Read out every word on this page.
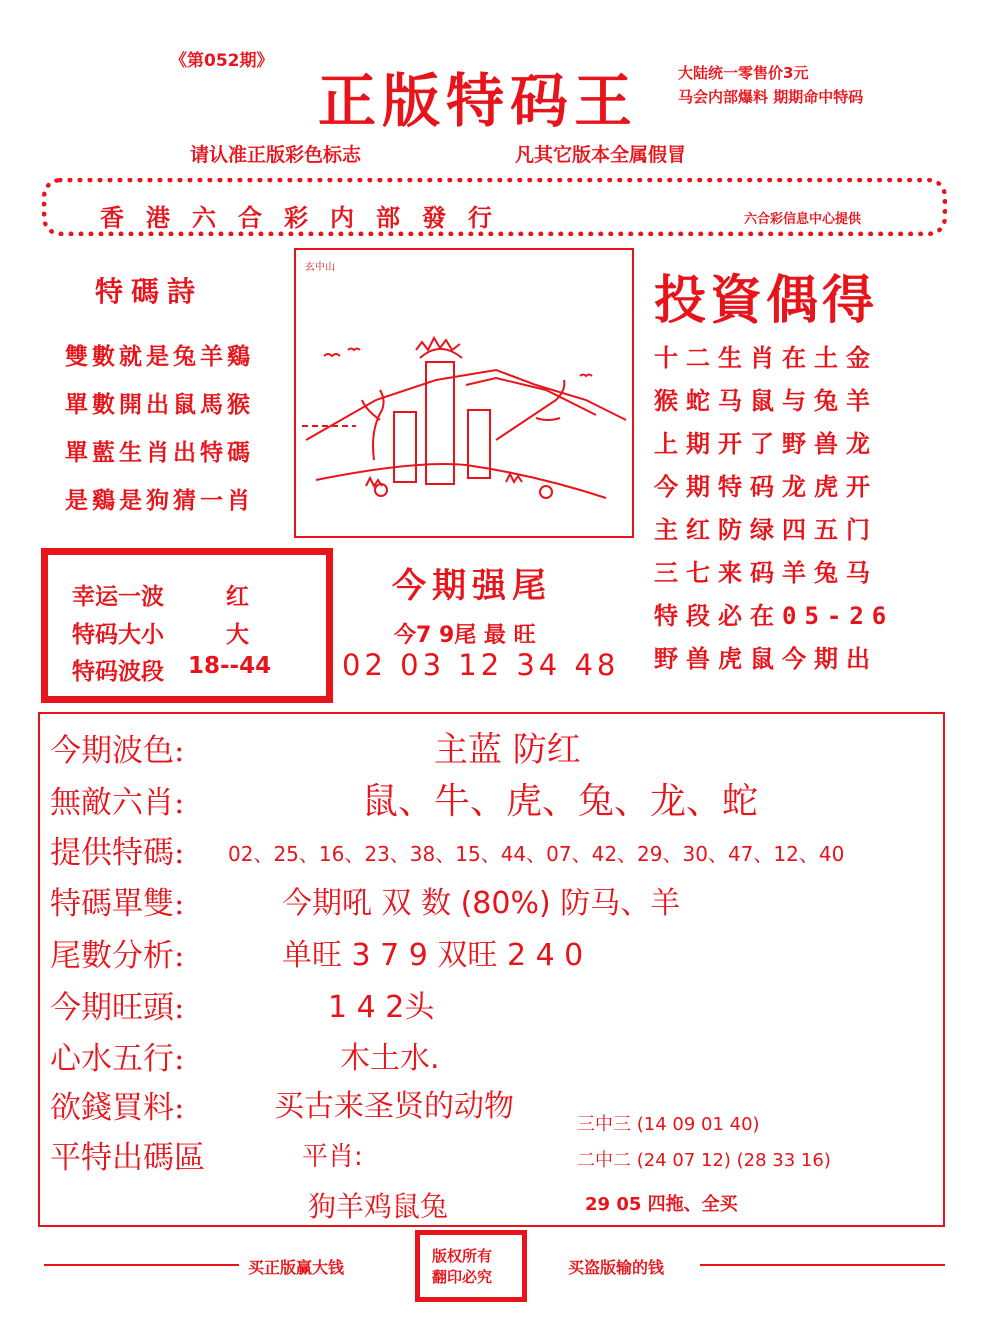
《第052期》
正版特码王	大陆统一零售价3元
马会内部爆料 期期命中特码
请认准正版彩色标志	凡其它版本全属假冒
香港六合彩内部發行	六合彩信息中心提供
特碼詩
雙數就是兔羊鷄
單數開出鼠馬猴
單藍生肖出特碼
是鷄是狗猜一肖
玄中山
投資偶得
十二生肖在土金
猴蛇马鼠与兔羊
上期开了野兽龙
今期特码龙虎开
主红防绿四五门
三七来码羊兔马
特段必在05-26
野兽虎鼠今期出
幸运一波	红
特码大小	大
特码波段 18--44
今期强尾
今7 9尾 最 旺
02 03 12 34 48
今期波色:	主蓝 防红
無敵六肖:	鼠、牛、虎、兔、龙、蛇
提供特碼: 02、25、16、23、38、15、44、07、42、29、30、47、12、40
特碼單雙:	今期吼 双 数 (80%) 防马、羊
尾數分析:	单旺 3 7 9 双旺 2 4 0
今期旺頭:	1 4 2头
心水五行:	木土水.
欲錢買料:	买古来圣贤的动物
平特出碼區	平肖:
狗羊鸡鼠兔
三中三 (14 09 01 40)
二中二 (24 07 12) (28 33 16)
29 05 四拖、全买
买正版赢大钱
版权所有
翻印必究	买盗版输的钱
